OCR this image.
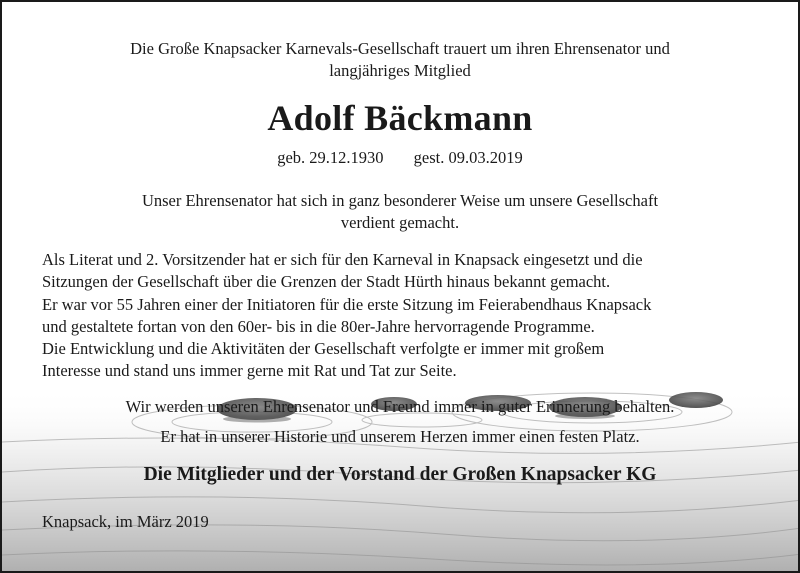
Die Große Knapsacker Karnevals-Gesellschaft trauert um ihren Ehrensenator und
langjähriges Mitglied
Adolf Bäckmann
geb. 29.12.1930 gest. 09.03.2019
Unser Ehrensenator hat sich in ganz besonderer Weise um unsere Gesellschaft
verdient gemacht.
Als Literat und 2. Vorsitzender hat er sich für den Karneval in Knapsack eingesetzt und die
Sitzungen der Gesellschaft über die Grenzen der Stadt Hürth hinaus bekannt gemacht.
Er war vor 55 Jahren einer der Initiatoren für die erste Sitzung im Feierabendhaus Knapsack
und gestaltete fortan von den 60er- bis in die 80er-Jahre hervorragende Programme.
Die Entwicklung und die Aktivitäten der Gesellschaft verfolgte er immer mit großem
Interesse und stand uns immer gerne mit Rat und Tat zur Seite.
Wir werden unseren Ehrensenator und Freund immer in guter Erinnerung behalten.
Er hat in unserer Historie und unserem Herzen immer einen festen Platz.
Die Mitglieder und der Vorstand der Großen Knapsacker KG
Knapsack, im März 2019
